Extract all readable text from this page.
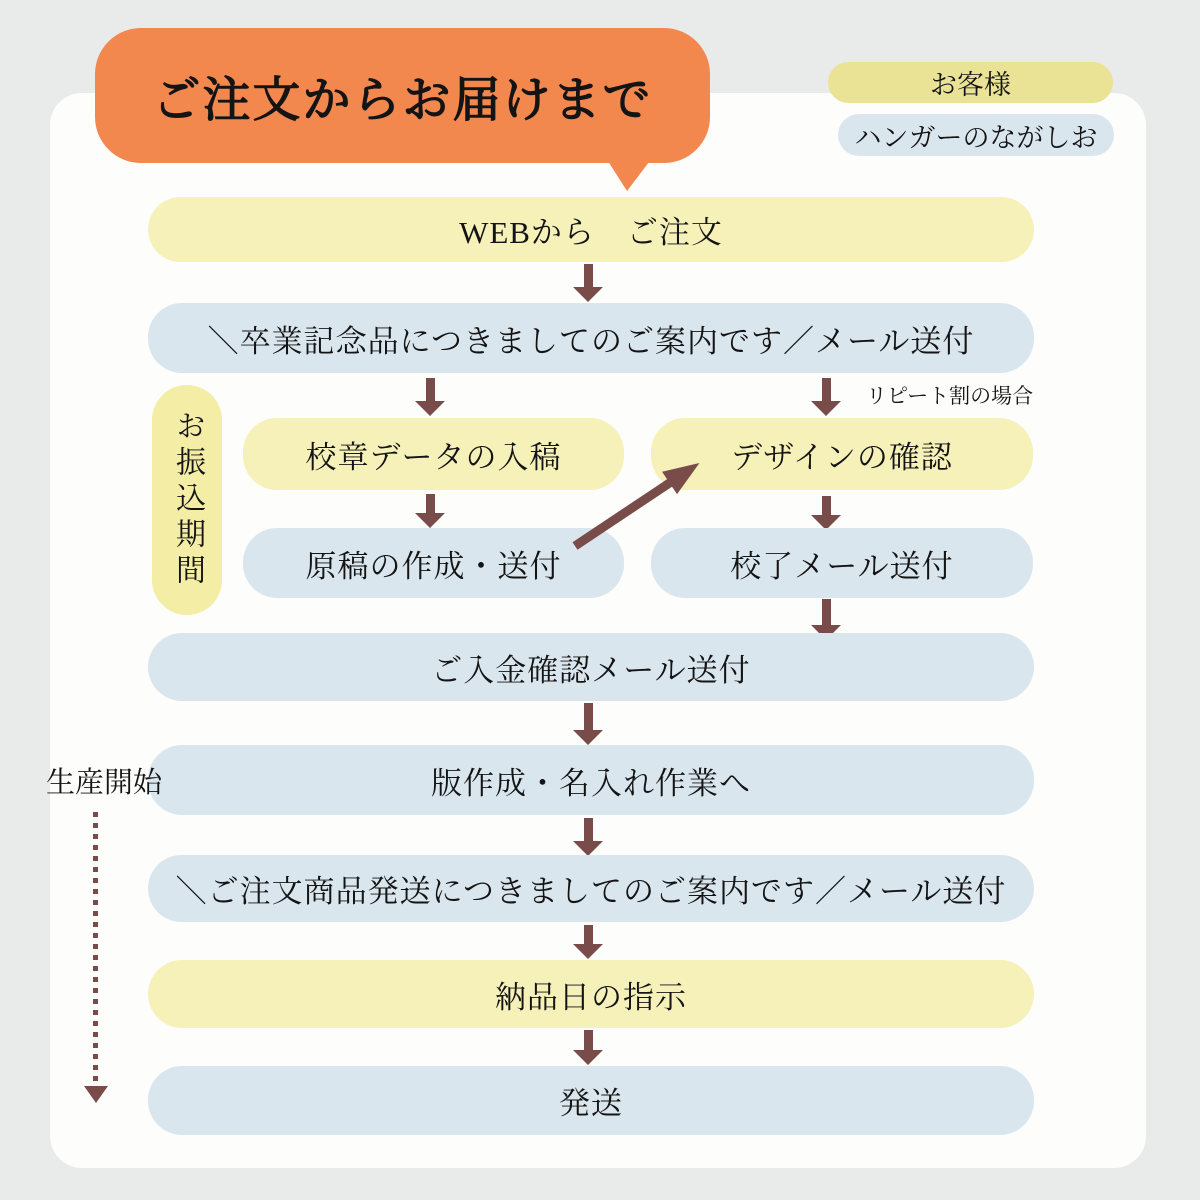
ご注文からお届けまで	お客様
ハンガーのながしお
WEBから　ご注文
＼卒業記念品につきましてのご案内です／メール送付
リピート割の場合
校章データの入稿	デザインの確認
原稿の作成・送付	校了メール送付
お振込期間
ご入金確認メール送付
版作成・名入れ作業へ
＼ご注文商品発送につきましてのご案内です／メール送付
納品日の指示
発送
生産開始
